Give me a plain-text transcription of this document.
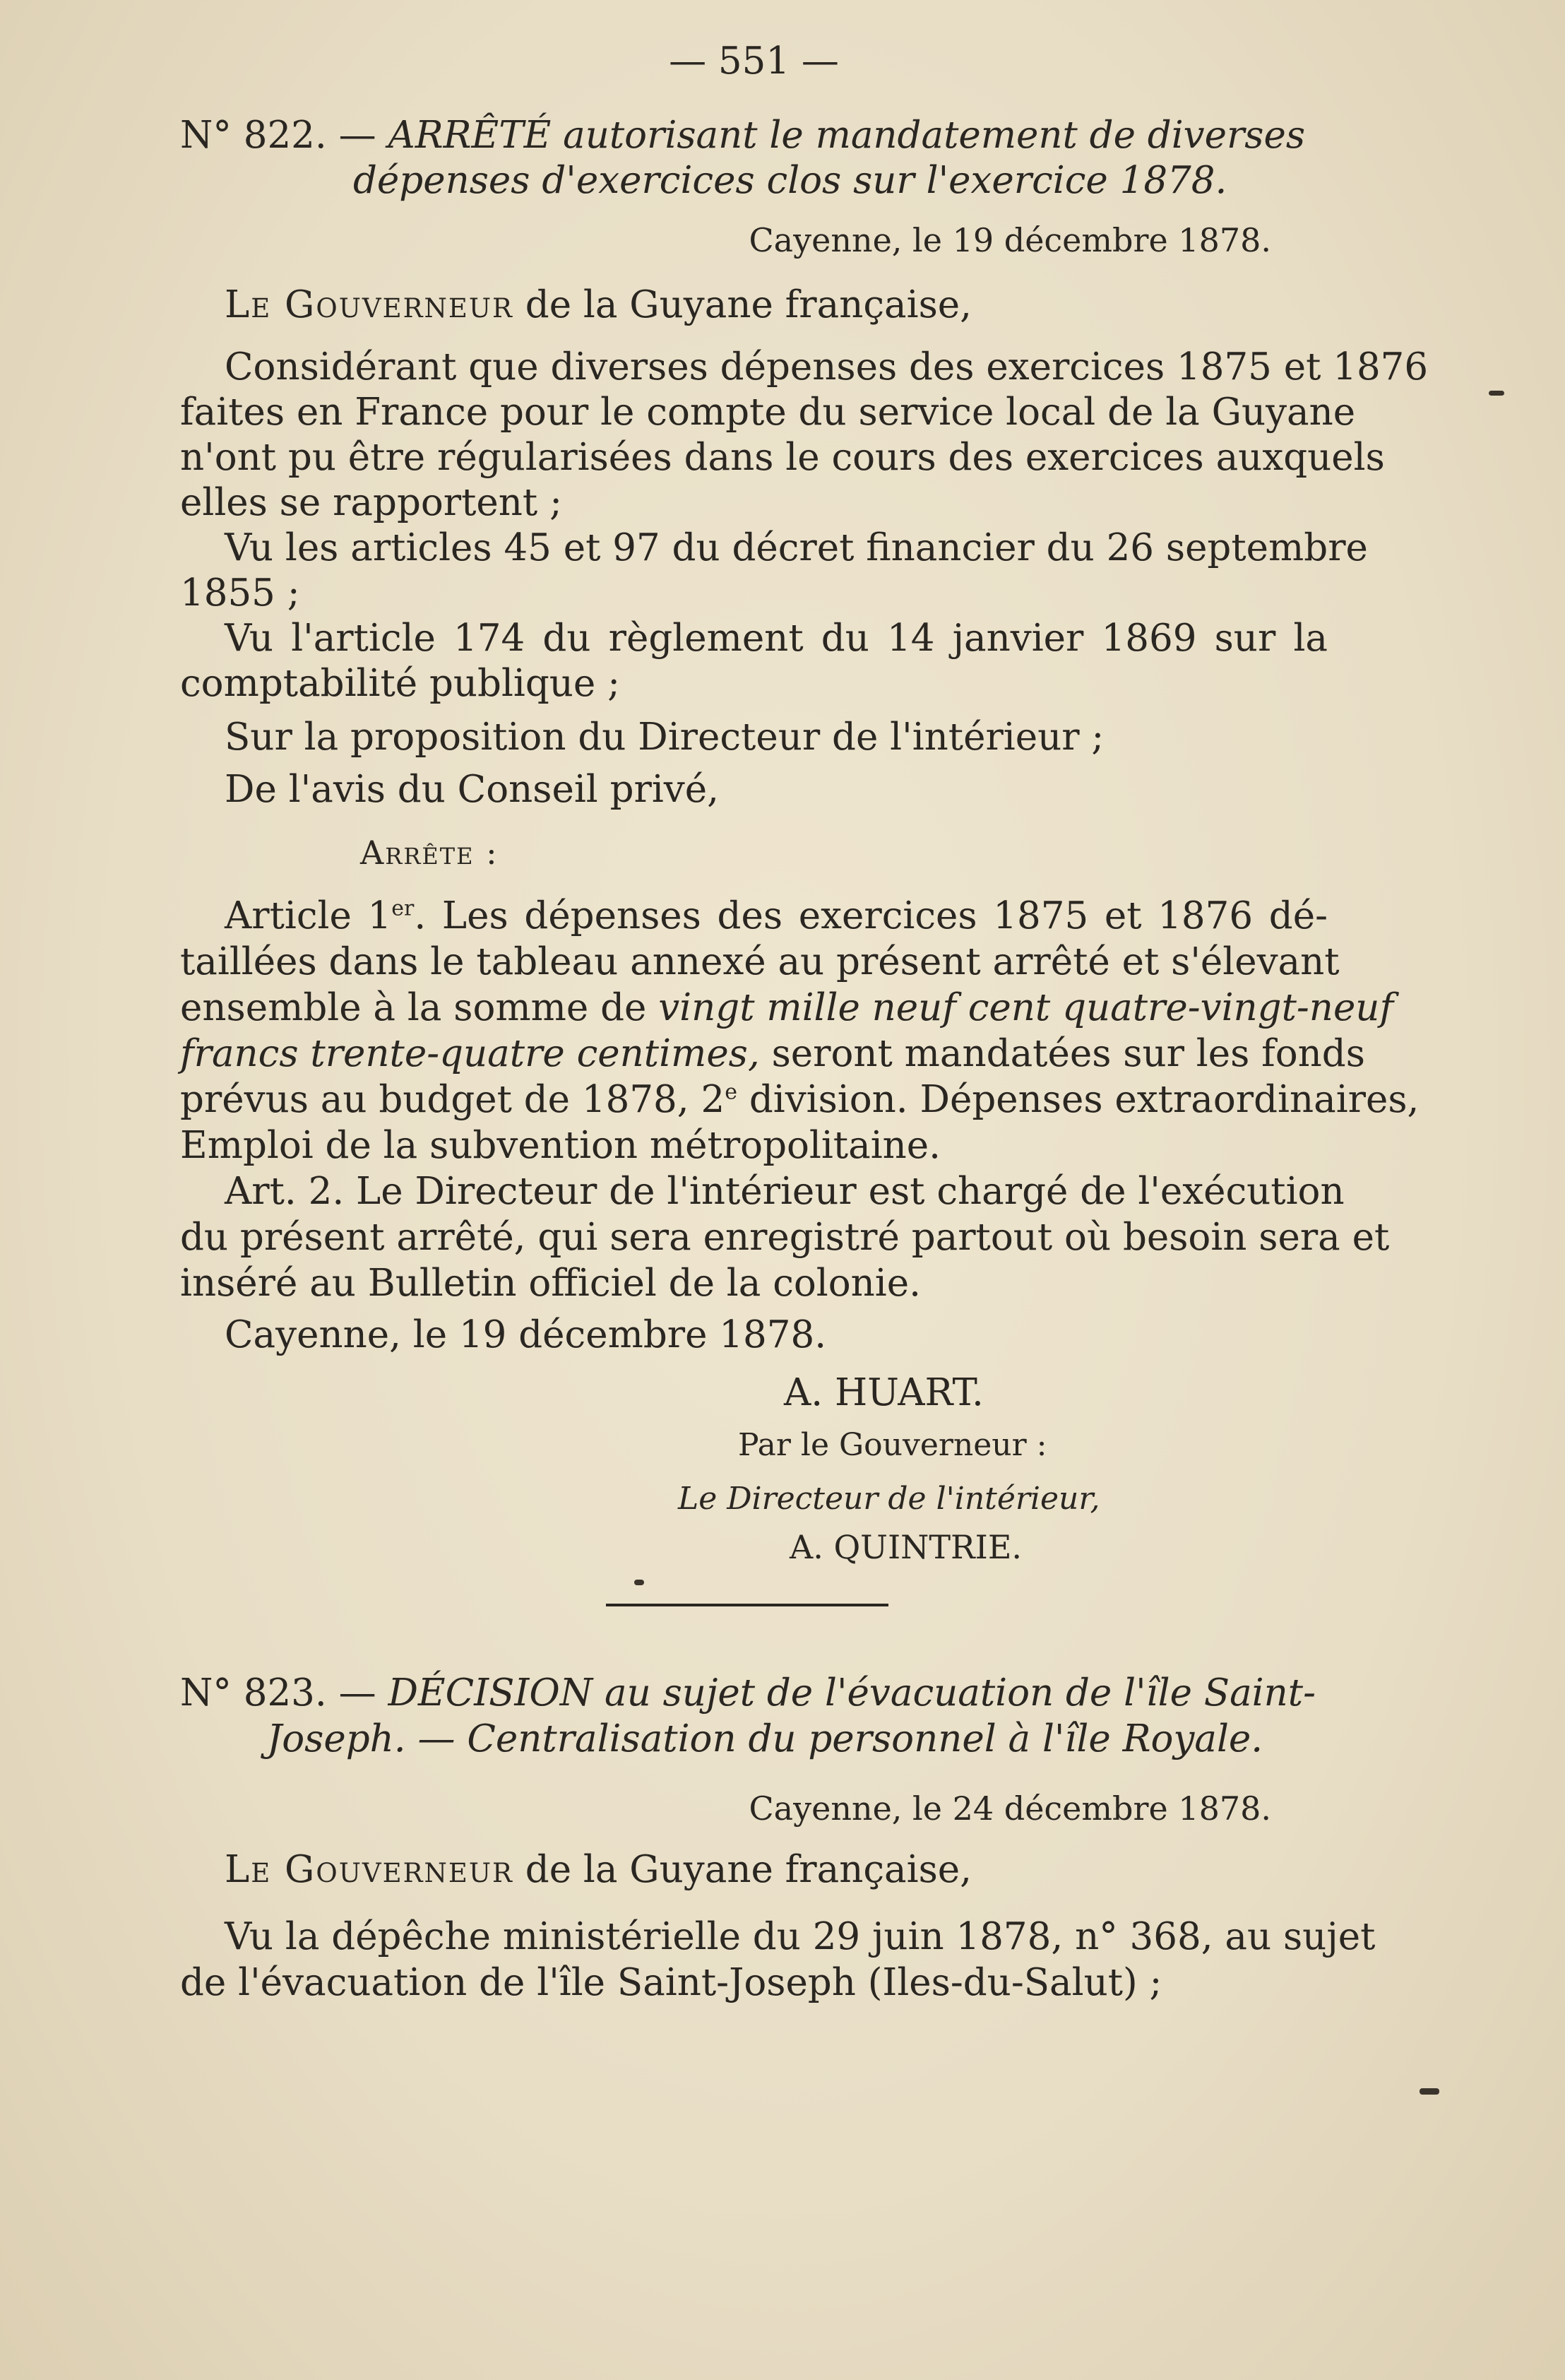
— 551 —
N° 822. — ARRÊTÉ autorisant le mandatement de diverses
dépenses d'exercices clos sur l'exercice 1878.
Cayenne, le 19 décembre 1878.
Le Gouverneur de la Guyane française,
Considérant que diverses dépenses des exercices 1875 et 1876
faites en France pour le compte du service local de la Guyane
n'ont pu être régularisées dans le cours des exercices auxquels
elles se rapportent ;
Vu les articles 45 et 97 du décret financier du 26 septembre
1855 ;
Vu l'article 174 du règlement du 14 janvier 1869 sur la
comptabilité publique ;
Sur la proposition du Directeur de l'intérieur ;
De l'avis du Conseil privé,
Arrête :
Article 1er. Les dépenses des exercices 1875 et 1876 dé-
taillées dans le tableau annexé au présent arrêté et s'élevant
ensemble à la somme de vingt mille neuf cent quatre-vingt-neuf
francs trente-quatre centimes, seront mandatées sur les fonds
prévus au budget de 1878, 2e division. Dépenses extraordinaires,
Emploi de la subvention métropolitaine.
Art. 2. Le Directeur de l'intérieur est chargé de l'exécution
du présent arrêté, qui sera enregistré partout où besoin sera et
inséré au Bulletin officiel de la colonie.
Cayenne, le 19 décembre 1878.
A. HUART.
Par le Gouverneur :
Le Directeur de l'intérieur,
A. QUINTRIE.
N° 823. — DÉCISION au sujet de l'évacuation de l'île Saint-
Joseph. — Centralisation du personnel à l'île Royale.
Cayenne, le 24 décembre 1878.
Le Gouverneur de la Guyane française,
Vu la dépêche ministérielle du 29 juin 1878, n° 368, au sujet
de l'évacuation de l'île Saint-Joseph (Iles-du-Salut) ;
